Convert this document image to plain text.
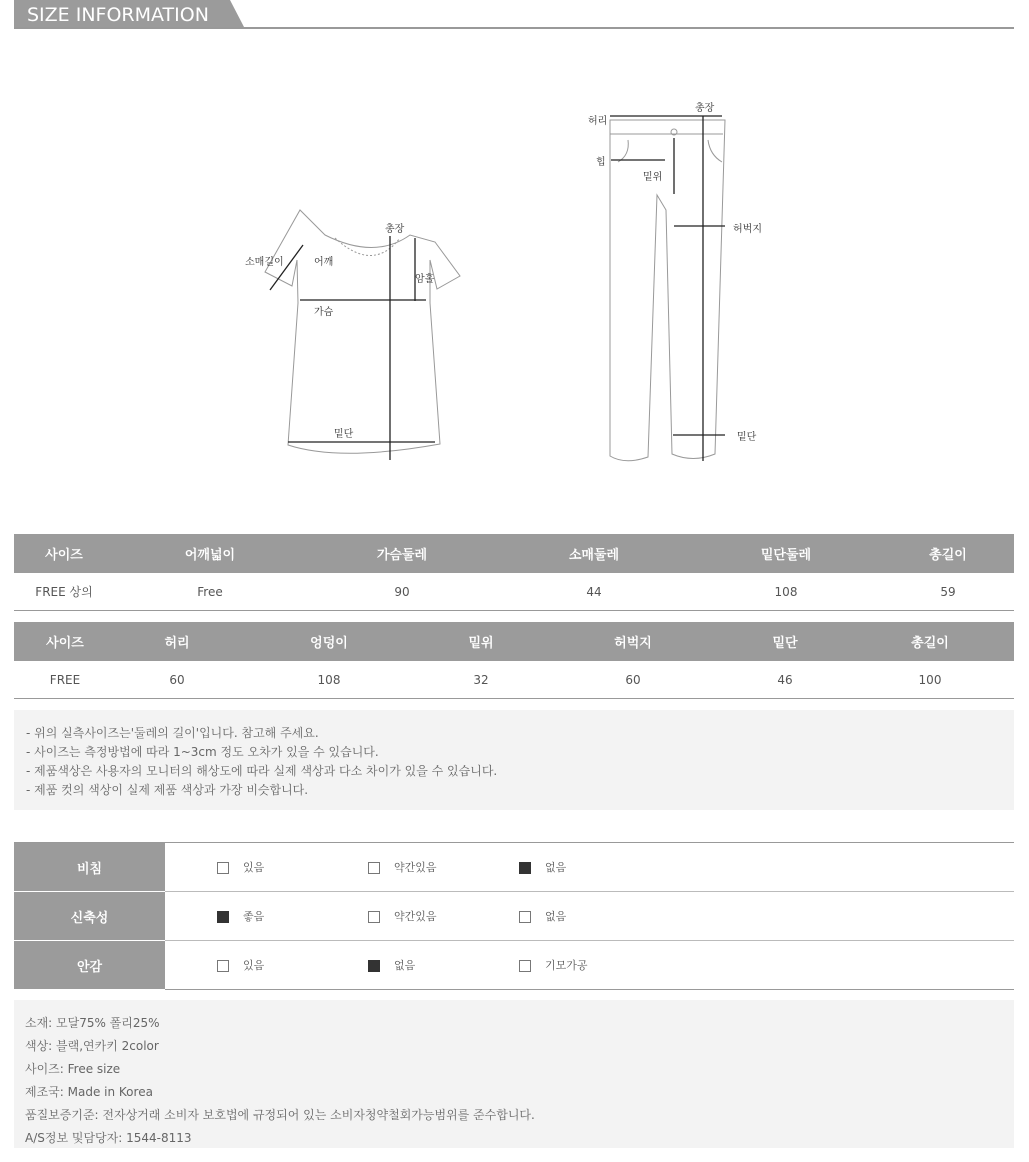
SIZE INFORMATION
총장
소매길이	어깨
암홀
가슴
밑단
총장
허리
힙
밑위
허벅지
밑단
사이즈	어깨넓이	가슴둘레	소매둘레	밑단둘레	총길이
FREE 상의	Free	90	44	108	59
사이즈	허리	엉덩이	밑위	허벅지	밑단	총길이
FREE	60	108	32	60	46	100
- 위의 실측사이즈는'둘레의 길이'입니다. 참고해 주세요.
- 사이즈는 측정방법에 따라 1~3cm 정도 오차가 있을 수 있습니다.
- 제품색상은 사용자의 모니터의 해상도에 따라 실제 색상과 다소 차이가 있을 수 있습니다.
- 제품 컷의 색상이 실제 제품 색상과 가장 비슷합니다.
비침	있음 약간있음 없음
신축성	좋음 약간있음 없음
안감	있음 없음 기모가공
소재: 모달75% 폴리25%
색상: 블랙,연카키 2color
사이즈: Free size
제조국: Made in Korea
품질보증기준: 전자상거래 소비자 보호법에 규정되어 있는 소비자청약철회가능범위를 준수합니다.
A/S정보 및담당자: 1544-8113
